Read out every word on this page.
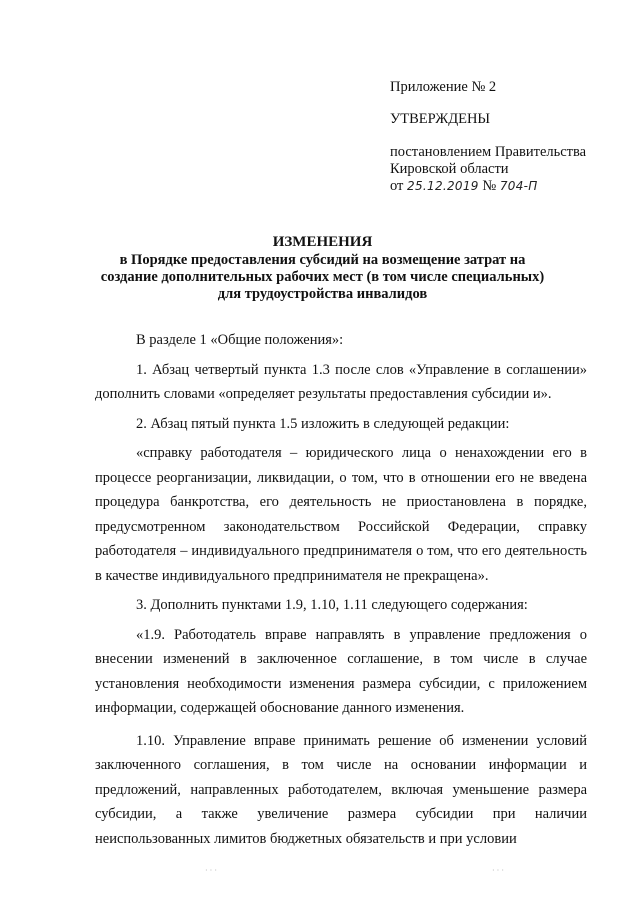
Приложение № 2
УТВЕРЖДЕНЫ
постановлением Правительства
Кировской области
от 25.12.2019 № 704-П
ИЗМЕНЕНИЯ
в Порядке предоставления субсидий на возмещение затрат на создание дополнительных рабочих мест (в том числе специальных) для трудоустройства инвалидов

В разделе 1 «Общие положения»:

1. Абзац четвертый пункта 1.3 после слов «Управление в соглашении» дополнить словами «определяет результаты предоставления субсидии и».

2. Абзац пятый пункта 1.5 изложить в следующей редакции:

«справку работодателя – юридического лица о ненахождении его в процессе реорганизации, ликвидации, о том, что в отношении его не введена процедура банкротства, его деятельность не приостановлена в порядке, предусмотренном законодательством Российской Федерации, справку работодателя – индивидуального предпринимателя о том, что его деятельность в качестве индивидуального предпринимателя не прекращена».

3. Дополнить пунктами 1.9, 1.10, 1.11 следующего содержания:

«1.9. Работодатель вправе направлять в управление предложения о внесении изменений в заключенное соглашение, в том числе в случае установления необходимости изменения размера субсидии, с приложением информации, содержащей обоснование данного изменения.

1.10. Управление вправе принимать решение об изменении условий заключенного соглашения, в том числе на основании информации и предложений, направленных работодателем, включая уменьшение размера субсидии, а также увеличение размера субсидии при наличии неиспользованных лимитов бюджетных обязательств и при условии

· · ·	· · ·
